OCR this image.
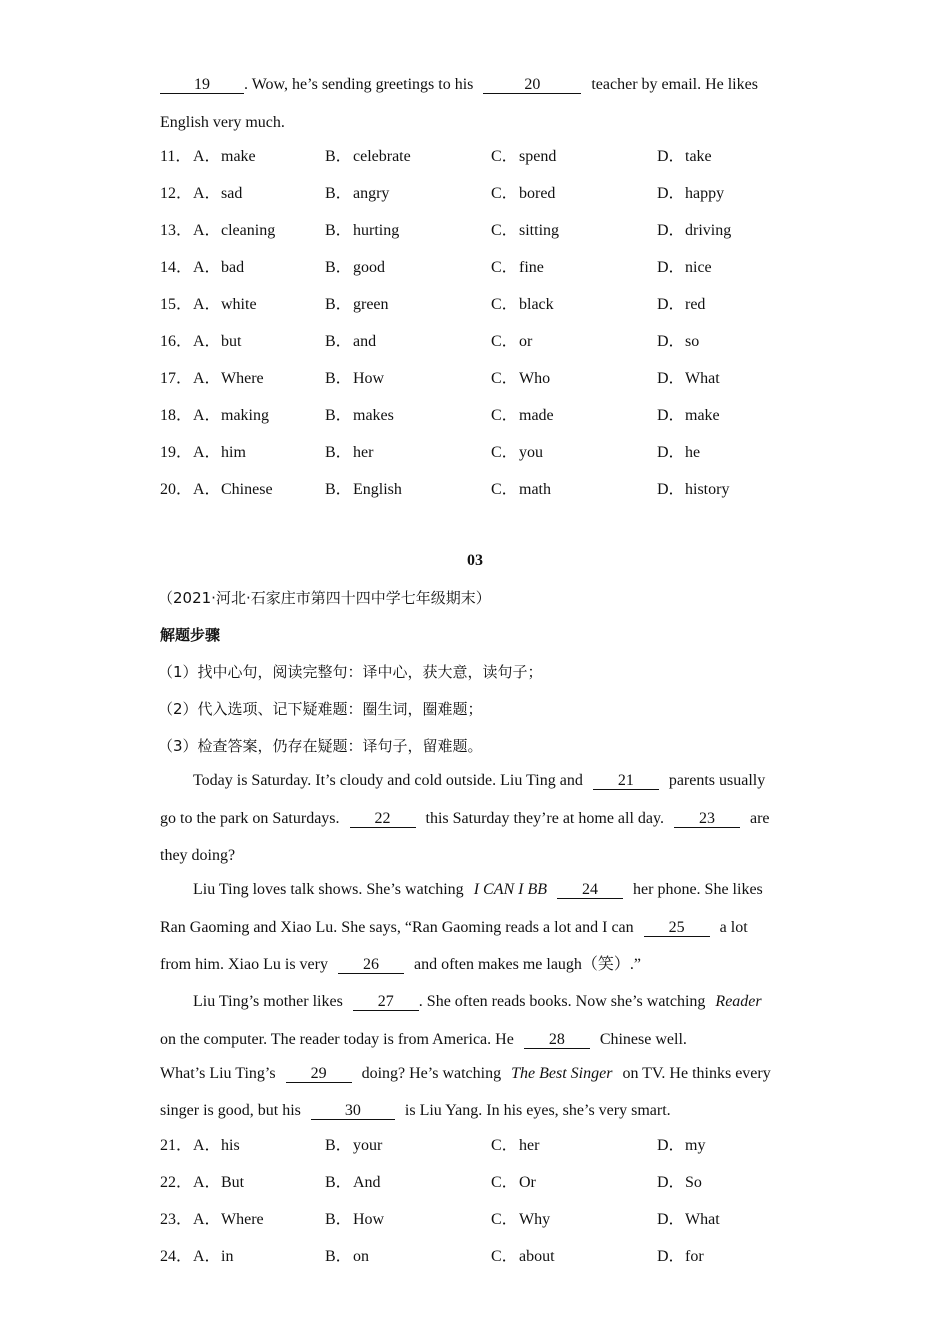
19 . Wow, he’s sending greetings to his	20	teacher by email. He likes
English very much.
11． A．make	B．celebrate	C．spend	D．take
12． A．sad	B．angry	C．bored	D．happy
13． A．cleaning	B．hurting	C．sitting	D．driving
14． A．bad	B．good	C．fine	D．nice
15． A．white	B．green	C．black	D．red
16． A．but	B．and	C．or	D．so
17． A．Where	B．How	C．Who	D．What
18． A．making	B．makes	C．made	D．make
19． A．him	B．her	C．you	D．he
20． A．Chinese	B．English	C．math	D．history
03
（2021·河北·石家庄市第四十四中学七年级期末）
解题步骤
（1）找中心句，阅读完整句：译中心，获大意，读句子；
（2）代入选项、记下疑难题：圈生词，圈难题；
（3）检查答案，仍存在疑题：译句子，留难题。
Today is Saturday. It’s cloudy and cold outside. Liu Ting and 21 parents usually
go to the park on Saturdays. 22 this Saturday they’re at home all day. 23 are
they doing?
Liu Ting loves talk shows. She’s watching I CAN I BB 24 her phone. She likes
Ran Gaoming and Xiao Lu. She says, “Ran Gaoming reads a lot and I can 25 a lot
from him. Xiao Lu is very 26 and often makes me laugh（笑）.”
Liu Ting’s mother likes 27 . She often reads books. Now she’s watching Reader
on the computer. The reader today is from America. He 28 Chinese well.
What’s Liu Ting’s 29 doing? He’s watching The Best Singer on TV. He thinks every
singer is good, but his	30	is Liu Yang. In his eyes, she’s very smart.
21． A．his	B．your	C．her	D．my
22． A．But	B．And	C．Or	D．So
23． A．Where	B．How	C．Why	D．What
24． A．in	B．on	C．about	D．for
